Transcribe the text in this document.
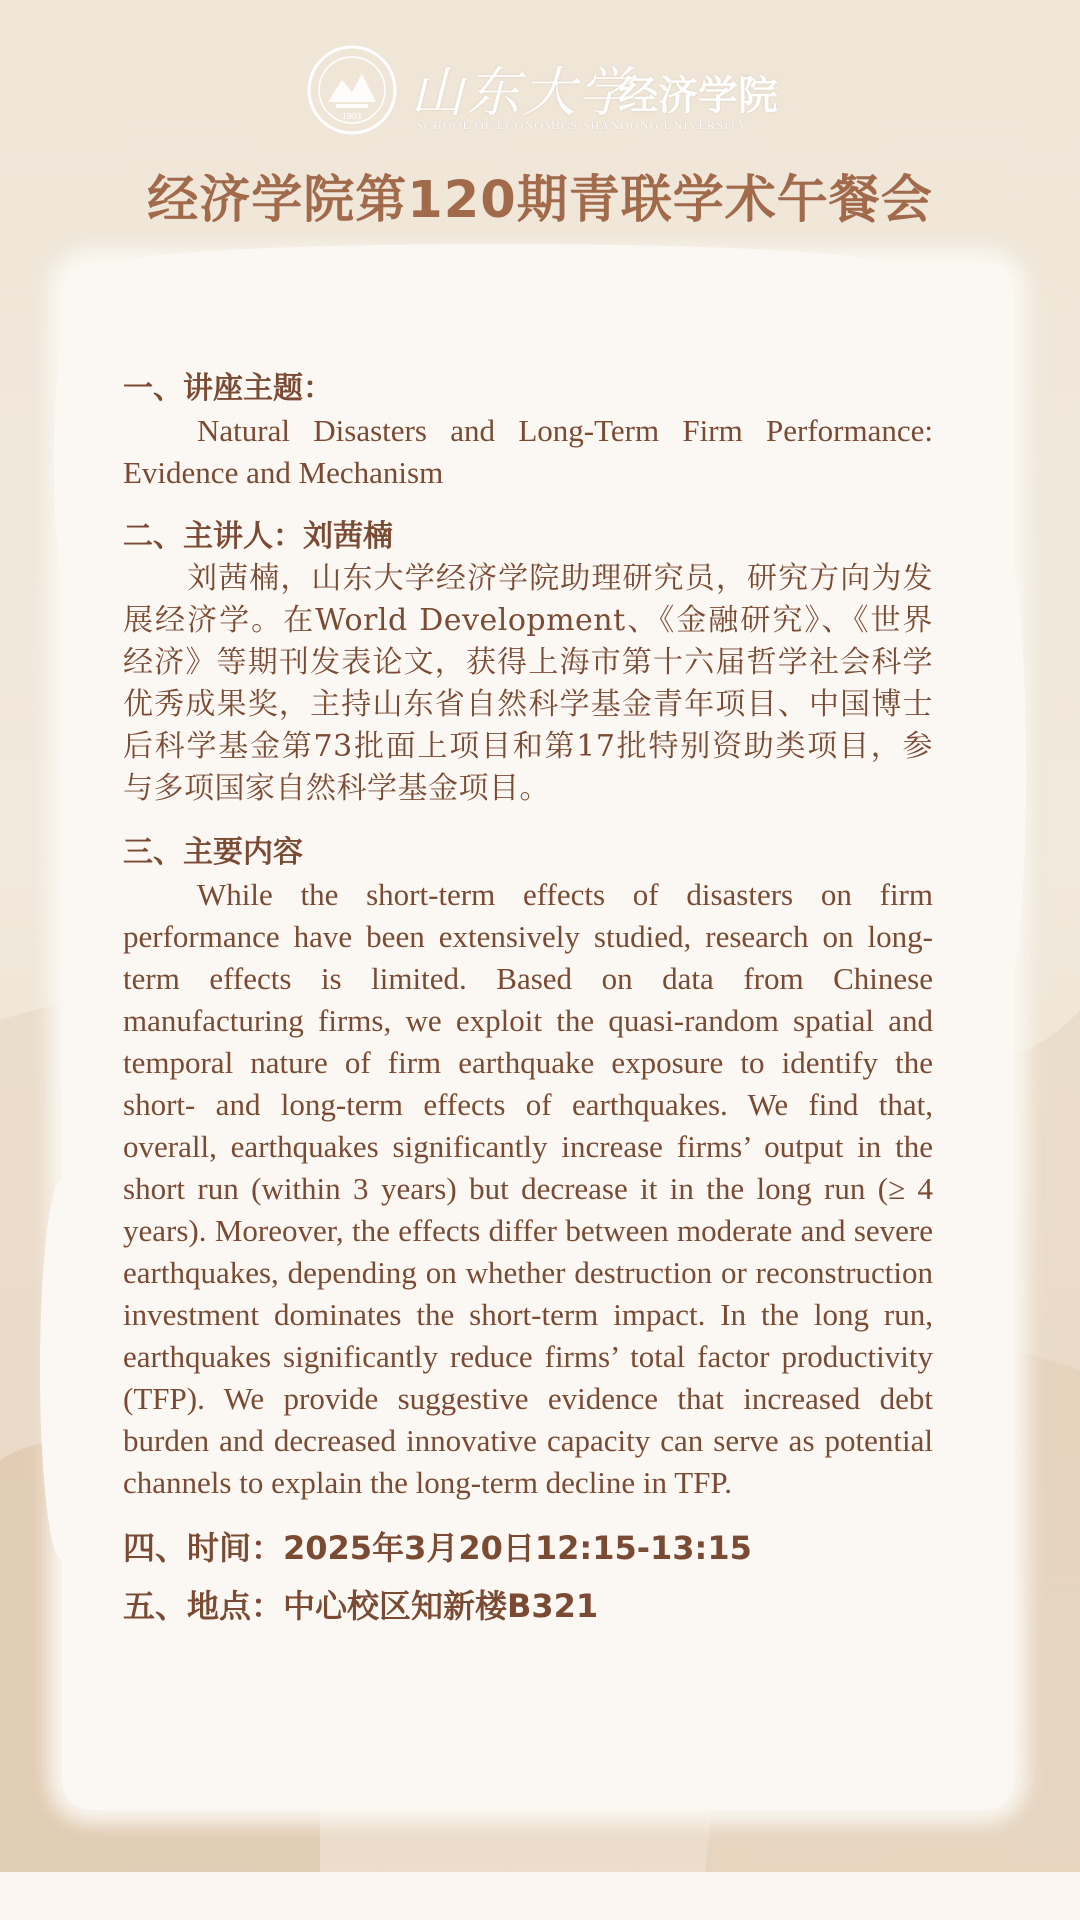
1901 山东大学
经济学院
SCHOOL OF ECONOMICS SHANDONG UNIVERSITY
经济学院第120期青联学术午餐会

一、讲座主题：

Natural Disasters and Long-Term Firm Performance: Evidence and Mechanism

二、主讲人：刘茜楠

刘茜楠，山东大学经济学院助理研究员，研究方向为发展经济学。在World Development、《金融研究》、《世界经济》等期刊发表论文，获得上海市第十六届哲学社会科学优秀成果奖，主持山东省自然科学基金青年项目、中国博士后科学基金第73批面上项目和第17批特别资助类项目，参与多项国家自然科学基金项目。

三、主要内容

While the short-term effects of disasters on firm performance have been extensively studied, research on long-term effects is limited. Based on data from Chinese manufacturing firms, we exploit the quasi-random spatial and temporal nature of firm earthquake exposure to identify the short- and long-term effects of earthquakes. We find that, overall, earthquakes significantly increase firms’ output in the short run (within 3 years) but decrease it in the long run (≥ 4 years). Moreover, the effects differ between moderate and severe earthquakes, depending on whether destruction or reconstruction investment dominates the short-term impact. In the long run, earthquakes significantly reduce firms’ total factor productivity (TFP). We provide suggestive evidence that increased debt burden and decreased innovative capacity can serve as potential channels to explain the long-term decline in TFP.

四、时间：2025年3月20日12:15-13:15

五、地点：中心校区知新楼B321
